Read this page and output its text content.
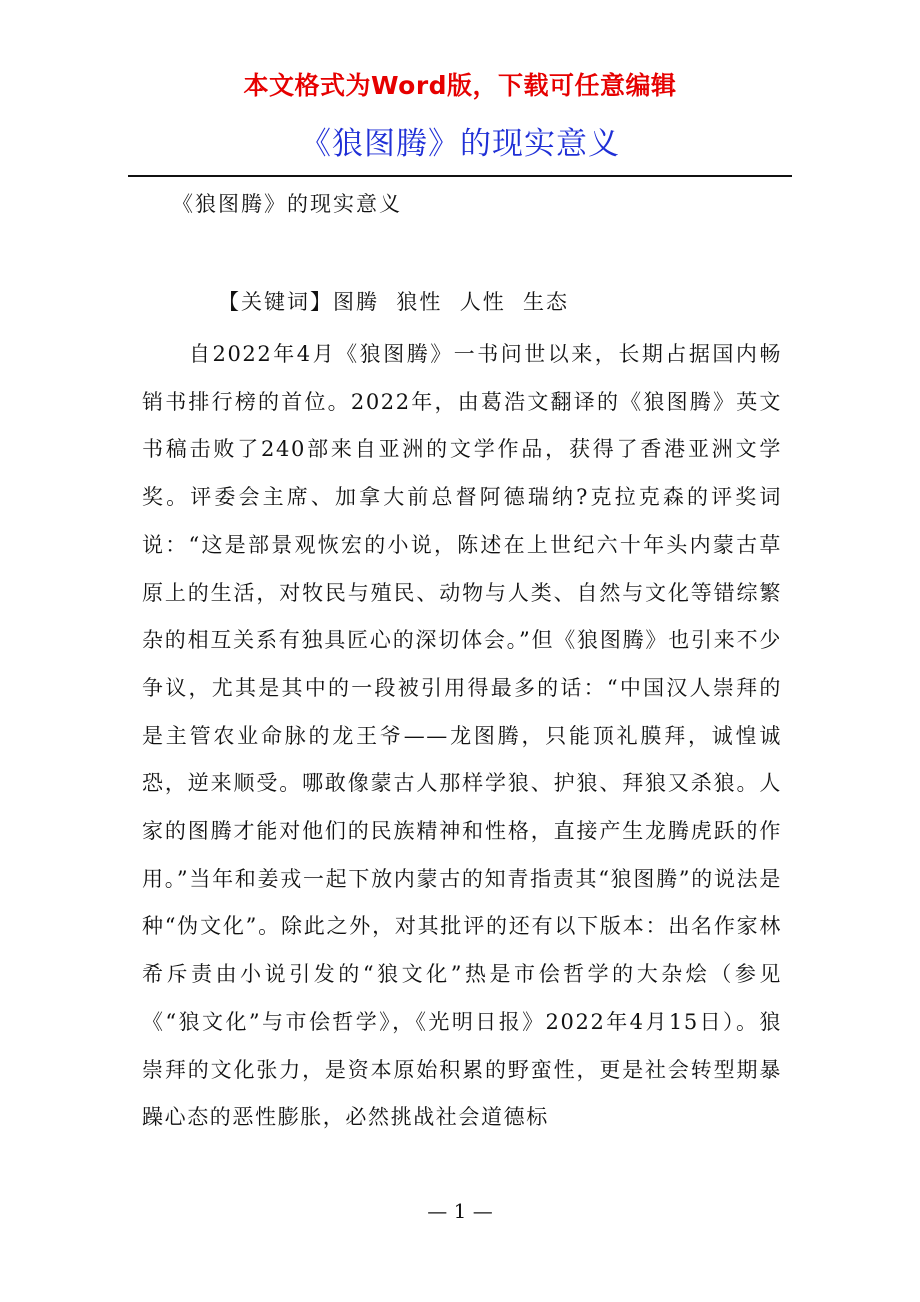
本文格式为Word版，下载可任意编辑
《狼图腾》的现实意义
《狼图腾》的现实意义
【关键词】图腾  狼性  人性  生态

自2022年4月《狼图腾》一书问世以来，长期占据国内畅销书排行榜的首位。2022年，由葛浩文翻译的《狼图腾》英文书稿击败了240部来自亚洲的文学作品，获得了香港亚洲文学奖。评委会主席、加拿大前总督阿德瑞纳?克拉克森的评奖词说：“这是部景观恢宏的小说，陈述在上世纪六十年头内蒙古草原上的生活，对牧民与殖民、动物与人类、自然与文化等错综繁杂的相互关系有独具匠心的深切体会。”但《狼图腾》也引来不少争议，尤其是其中的一段被引用得最多的话：“中国汉人崇拜的是主管农业命脉的龙王爷——龙图腾，只能顶礼膜拜，诚惶诚恐，逆来顺受。哪敢像蒙古人那样学狼、护狼、拜狼又杀狼。人家的图腾才能对他们的民族精神和性格，直接产生龙腾虎跃的作用。”当年和姜戎一起下放内蒙古的知青指责其“狼图腾”的说法是种“伪文化”。除此之外，对其批评的还有以下版本：出名作家林希斥责由小说引发的“狼文化”热是市侩哲学的大杂烩（参见《“狼文化”与市侩哲学》，《光明日报》2022年4月15日）。狼崇拜的文化张力，是资本原始积累的野蛮性，更是社会转型期暴躁心态的恶性膨胀，必然挑战社会道德标

— 1 —
